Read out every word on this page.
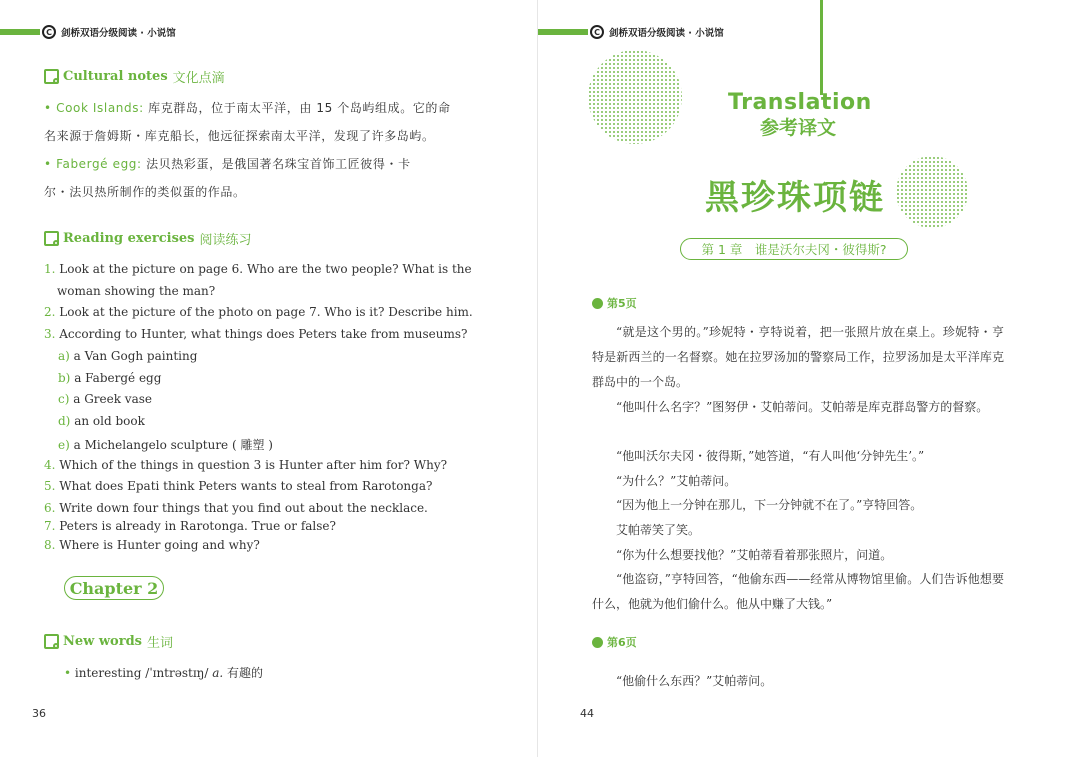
C 剑桥双语分级阅读 · 小说馆
Cultural notes 文化点滴
• Cook Islands: 库克群岛，位于南太平洋，由 15 个岛屿组成。它的命
名来源于詹姆斯・库克船长，他远征探索南太平洋，发现了许多岛屿。
• Fabergé egg: 法贝热彩蛋，是俄国著名珠宝首饰工匠彼得・卡
尔・法贝热所制作的类似蛋的作品。
Reading exercises 阅读练习
1. Look at the picture on page 6. Who are the two people? What is the
woman showing the man?
2. Look at the picture of the photo on page 7. Who is it? Describe him.
3. According to Hunter, what things does Peters take from museums?
a) a Van Gogh painting
b) a Fabergé egg
c) a Greek vase
d) an old book
e) a Michelangelo sculpture ( 雕塑 )
4. Which of the things in question 3 is Hunter after him for? Why?
5. What does Epati think Peters wants to steal from Rarotonga?
6. Write down four things that you find out about the necklace.
7. Peters is already in Rarotonga. True or false?
8. Where is Hunter going and why?
Chapter 2
New words 生词
• interesting /ˈɪntrəstɪŋ/ a. 有趣的
36
C 剑桥双语分级阅读 · 小说馆
Translation
参考译文
黑珍珠项链
第 1 章　谁是沃尔夫冈・彼得斯?
第5页
“就是这个男的。”珍妮特・亨特说着，把一张照片放在桌上。珍妮特・亨特是新西兰的一名督察。她在拉罗汤加的警察局工作，拉罗汤加是太平洋库克群岛中的一个岛。
“他叫什么名字？”图努伊・艾帕蒂问。艾帕蒂是库克群岛警方的督察。
“他叫沃尔夫冈・彼得斯，”她答道，“有人叫他‘分钟先生’。”
“为什么？”艾帕蒂问。
“因为他上一分钟在那儿，下一分钟就不在了。”亨特回答。
艾帕蒂笑了笑。
“你为什么想要找他？”艾帕蒂看着那张照片，问道。
“他盗窃，”亨特回答，“他偷东西——经常从博物馆里偷。人们告诉他想要什么，他就为他们偷什么。他从中赚了大钱。”
第6页
“他偷什么东西？”艾帕蒂问。
44
